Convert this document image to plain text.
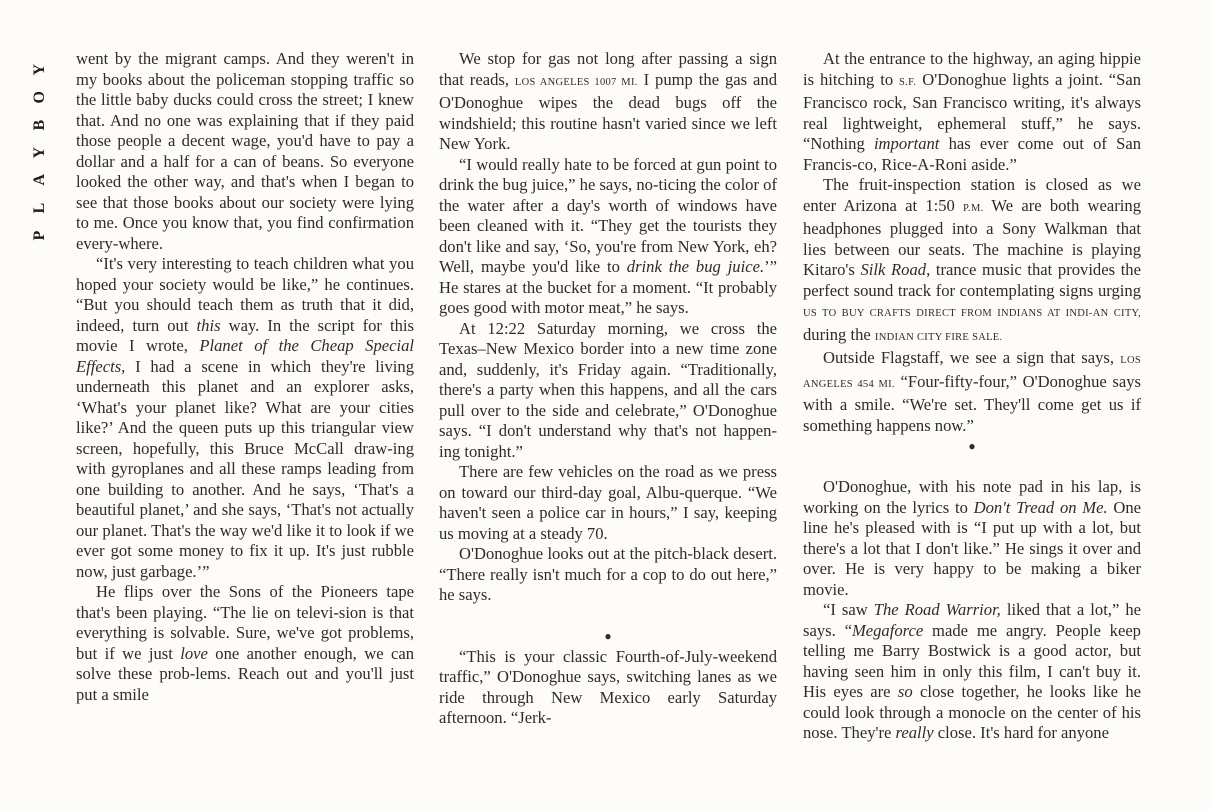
Y
O
B
Y
A
L
P

went by the migrant camps. And they weren't in my books about the policeman stopping traffic so the little baby ducks could cross the street; I knew that. And no one was explaining that if they paid those people a decent wage, you'd have to pay a dollar and a half for a can of beans. So everyone looked the other way, and that's when I began to see that those books about our society were lying to me. Once you know that, you find confirmation every-where.

“It's very interesting to teach children what you hoped your society would be like,” he continues. “But you should teach them as truth that it did, indeed, turn out this way. In the script for this movie I wrote, Planet of the Cheap Special Effects, I had a scene in which they're living underneath this planet and an explorer asks, ‘What's your planet like? What are your cities like?’ And the queen puts up this triangular view screen, hopefully, this Bruce McCall draw-ing with gyroplanes and all these ramps leading from one building to another. And he says, ‘That's a beautiful planet,’ and she says, ‘That's not actually our planet. That's the way we'd like it to look if we ever got some money to fix it up. It's just rubble now, just garbage.’”

He flips over the Sons of the Pioneers tape that's been playing. “The lie on televi-sion is that everything is solvable. Sure, we've got problems, but if we just love one another enough, we can solve these prob-lems. Reach out and you'll just put a smile

We stop for gas not long after passing a sign that reads, LOS ANGELES 1007 MI. I pump the gas and O'Donoghue wipes the dead bugs off the windshield; this routine hasn't varied since we left New York.

“I would really hate to be forced at gun point to drink the bug juice,” he says, no-ticing the color of the water after a day's worth of windows have been cleaned with it. “They get the tourists they don't like and say, ‘So, you're from New York, eh? Well, maybe you'd like to drink the bug juice.’” He stares at the bucket for a moment. “It probably goes good with motor meat,” he says.

At 12:22 Saturday morning, we cross the Texas–New Mexico border into a new time zone and, suddenly, it's Friday again. “Traditionally, there's a party when this happens, and all the cars pull over to the side and celebrate,” O'Donoghue says. “I don't understand why that's not happen-ing tonight.”

There are few vehicles on the road as we press on toward our third-day goal, Albu-querque. “We haven't seen a police car in hours,” I say, keeping us moving at a steady 70.

O'Donoghue looks out at the pitch-black desert. “There really isn't much for a cop to do out here,” he says.

●

“This is your classic Fourth-of-July-weekend traffic,” O'Donoghue says, switching lanes as we ride through New Mexico early Saturday afternoon. “Jerk-

At the entrance to the highway, an aging hippie is hitching to S.F. O'Donoghue lights a joint. “San Francisco rock, San Francisco writing, it's always real lightweight, ephemeral stuff,” he says. “Nothing important has ever come out of San Francis-co, Rice-A-Roni aside.”

The fruit-inspection station is closed as we enter Arizona at 1:50 P.M. We are both wearing headphones plugged into a Sony Walkman that lies between our seats. The machine is playing Kitaro's Silk Road, trance music that provides the perfect sound track for contemplating signs urging US TO BUY CRAFTS DIRECT FROM INDIANS AT INDI-AN CITY, during the INDIAN CITY FIRE SALE.

Outside Flagstaff, we see a sign that says, LOS ANGELES 454 MI. “Four-fifty-four,” O'Donoghue says with a smile. “We're set. They'll come get us if something happens now.”

●

O'Donoghue, with his note pad in his lap, is working on the lyrics to Don't Tread on Me. One line he's pleased with is “I put up with a lot, but there's a lot that I don't like.” He sings it over and over. He is very happy to be making a biker movie.

“I saw The Road Warrior, liked that a lot,” he says. “Megaforce made me angry. People keep telling me Barry Bostwick is a good actor, but having seen him in only this film, I can't buy it. His eyes are so close together, he looks like he could look through a monocle on the center of his nose. They're really close. It's hard for anyone
